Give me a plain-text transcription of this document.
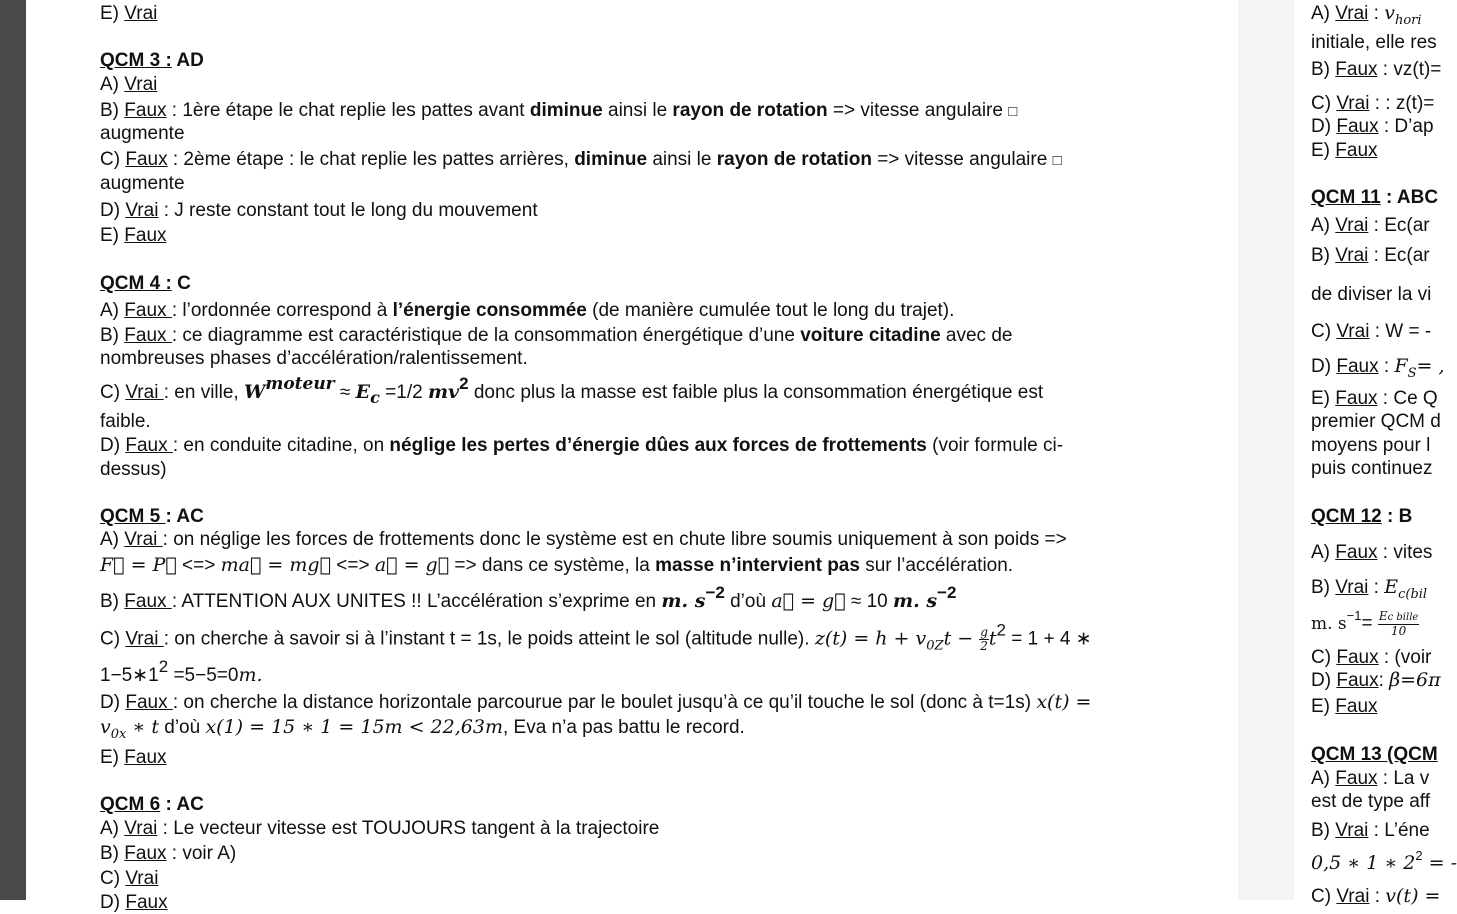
E) Vrai
QCM 3 : AD
A) Vrai
B) Faux : 1ère étape le chat replie les pattes avant diminue ainsi le rayon de rotation => vitesse angulaire □
augmente
C) Faux : 2ème étape : le chat replie les pattes arrières, diminue ainsi le rayon de rotation => vitesse angulaire □
augmente
D) Vrai : J reste constant tout le long du mouvement
E) Faux
QCM 4 : C
A) Faux : l’ordonnée correspond à l’énergie consommée (de manière cumulée tout le long du trajet).
B) Faux : ce diagramme est caractéristique de la consommation énergétique d’une voiture citadine avec de
nombreuses phases d’accélération/ralentissement.
C) Vrai : en ville, Wmoteur ≈ $E_c =1/2$ mv2 donc plus la masse est faible plus la consommation énergétique est
faible.
D) Faux : en conduite citadine, on néglige les pertes d’énergie dûes aux forces de frottements (voir formule ci-
dessus)
QCM 5 : AC
A) Vrai : on néglige les forces de frottements donc le système est en chute libre soumis uniquement à son poids =>
F⃗ = P⃗ <=> ma⃗ = mg⃗ <=> a⃗ = g⃗ => dans ce système, la masse n’intervient pas sur l’accélération.
B) Faux : ATTENTION AUX UNITES !! L’accélération s’exprime en m. s−2 d’où a⃗ = g⃗ ≈ 10 m. s−2
C) Vrai : on cherche à savoir si à l’instant t = 1s, le poids atteint le sol (altitude nulle). $z(t) = h + v_{0Z}t - \frac{g}{2} t2 = 1 + 4$ ∗
1−5∗12 =5−5=0m.
D) Faux : on cherche la distance horizontale parcourue par le boulet jusqu’à ce qu’il touche le sol (donc à t=1s) x(t) =
$v_{0x}$ ∗ t d’où x(1) = 15 ∗ 1 = 15m < 22,63m, Eva n’a pas battu le record.
E) Faux
QCM 6 : AC
A) Vrai : Le vecteur vitesse est TOUJOURS tangent à la trajectoire
B) Faux : voir A)
C) Vrai
D) Faux
A) Vrai : $v_{hori}$
initiale, elle res
B) Faux : vz(t)=
C) Vrai : : z(t)=
D) Faux : D’ap
E) Faux
QCM 11 : ABC
A) Vrai : Ec(ar
B) Vrai : Ec(ar
de diviser la vi
C) Vrai : W = -
D) Faux : $F_S=$ ,
E) Faux : Ce Q
premier QCM d
moyens pour l
puis continuez
QCM 12 : B
A) Faux : vites
B) Vrai : $E_{c(bil}$
m. $s^{-1}= \frac{\text{Ec bille}}{10}$
C) Faux : (voir
D) Faux: β=6π
E) Faux
QCM 13 (QCM
A) Faux : La v
est de type aff
B) Vrai : L’éne
0,5 ∗ 1 ∗ $2^2$ = -
C) Vrai : v(t) =
